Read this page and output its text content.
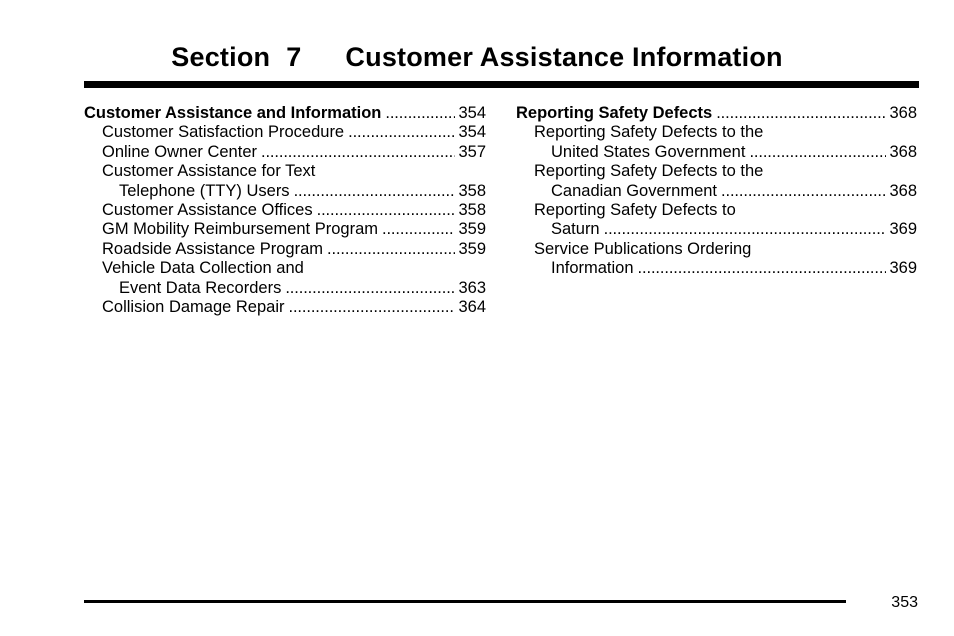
Section 7 Customer Assistance Information
Customer Assistance and Information . . .	354
Customer Satisfaction Procedure . . .	354
Online Owner Center . . .	357
Customer Assistance for Text
Telephone (TTY) Users . . .	358
Customer Assistance Offices . . .	358
GM Mobility Reimbursement Program . . .	359
Roadside Assistance Program . . .	359
Vehicle Data Collection and
Event Data Recorders . . .	363
Collision Damage Repair . . .	364
Reporting Safety Defects . . .	368
Reporting Safety Defects to the
United States Government . . .	368
Reporting Safety Defects to the
Canadian Government . . .	368
Reporting Safety Defects to
Saturn . . .	369
Service Publications Ordering
Information . . .	369
353
